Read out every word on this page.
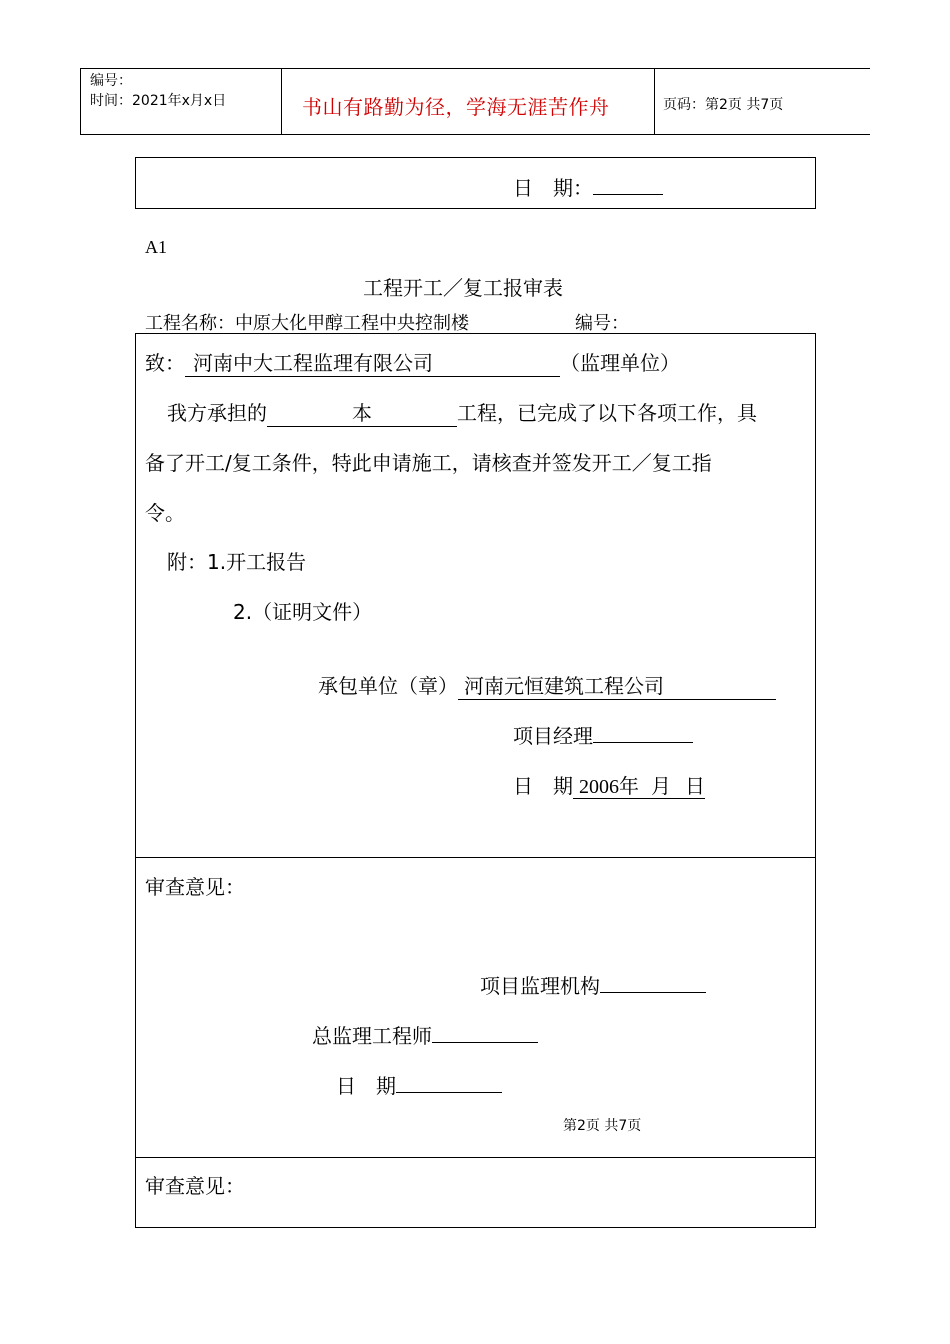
编号：
时间：2021年x月x日	书山有路勤为径，学海无涯苦作舟	页码：第2页 共7页
日　期：
A1
工程开工／复工报审表
工程名称：中原大化甲醇工程中央控制楼	编号：
致： 河南中大工程监理有限公司	（监理单位）
我方承担的	本	工程，已完成了以下各项工作，具
备了开工/复工条件，特此申请施工，请核查并签发开工／复工指
令。
附：1.开工报告
2.（证明文件）
承包单位（章） 河南元恒建筑工程公司
项目经理
日　期 2006年 月 日
审查意见：
项目监理机构
总监理工程师
日　期
第2页 共7页
审查意见：
